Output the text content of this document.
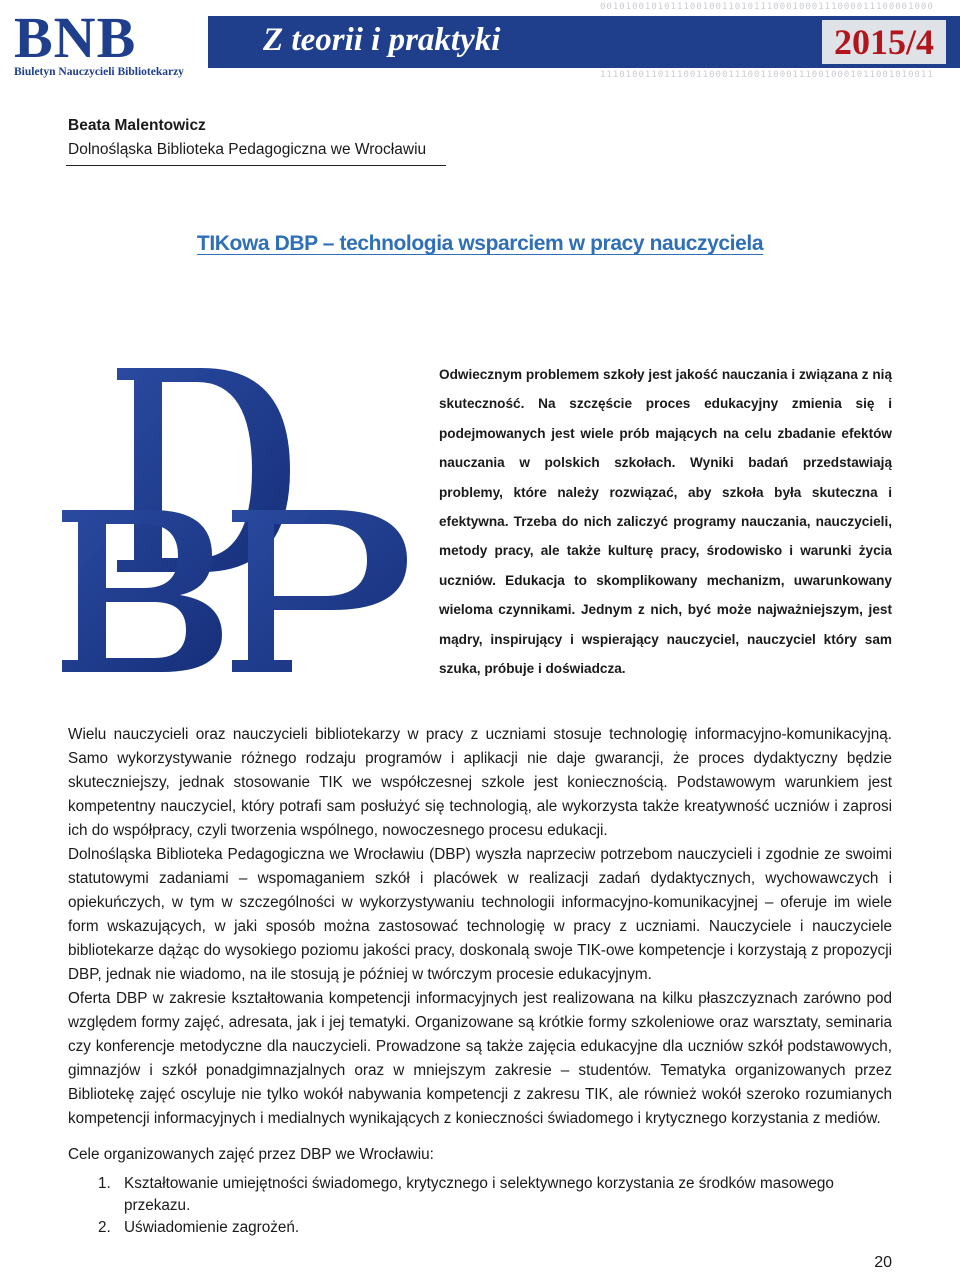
0010100101011100100110101110001000111000011100001000
1110100110111001100011100110001110010001011001010011
BNB
Biuletyn Nauczycieli Bibliotekarzy
Z teorii i praktyki	2015/4

Beata Malentowicz

Dolnośląska Biblioteka Pedagogiczna we Wrocławiu

TIKowa DBP – technologia wsparciem w pracy nauczyciela

Odwiecznym problemem szkoły jest jakość nauczania i związana z nią skuteczność. Na szczęście proces edukacyjny zmienia się i podejmowanych jest wiele prób mających na celu zbadanie efektów nauczania w polskich szkołach. Wyniki badań przedstawiają problemy, które należy rozwiązać, aby szkoła była skuteczna i efektywna. Trzeba do nich zaliczyć programy nauczania, nauczycieli, metody pracy, ale także kulturę pracy, środowisko i warunki życia uczniów. Edukacja to skomplikowany mechanizm, uwarunkowany wieloma czynnikami. Jednym z nich, być może najważniejszym, jest mądry, inspirujący i wspierający nauczyciel, nauczyciel który sam szuka, próbuje i doświadcza.

Wielu nauczycieli oraz nauczycieli bibliotekarzy w pracy z uczniami stosuje technologię informacyjno-komunikacyjną. Samo wykorzystywanie różnego rodzaju programów i aplikacji nie daje gwarancji, że proces dydaktyczny będzie skuteczniejszy, jednak stosowanie TIK we współczesnej szkole jest koniecznością. Podstawowym warunkiem jest kompetentny nauczyciel, który potrafi sam posłużyć się technologią, ale wykorzysta także kreatywność uczniów i zaprosi ich do współpracy, czyli tworzenia wspólnego, nowoczesnego procesu edukacji.

Dolnośląska Biblioteka Pedagogiczna we Wrocławiu (DBP) wyszła naprzeciw potrzebom nauczycieli i zgodnie ze swoimi statutowymi zadaniami – wspomaganiem szkół i placówek w realizacji zadań dydaktycznych, wychowawczych i opiekuńczych, w tym w szczególności w wykorzystywaniu technologii informacyjno-komunikacyjnej – oferuje im wiele form wskazujących, w jaki sposób można zastosować technologię w pracy z uczniami. Nauczyciele i nauczyciele bibliotekarze dążąc do wysokiego poziomu jakości pracy, doskonalą swoje TIK-owe kompetencje i korzystają z propozycji DBP, jednak nie wiadomo, na ile stosują je później w twórczym procesie edukacyjnym.

Oferta DBP w zakresie kształtowania kompetencji informacyjnych jest realizowana na kilku płaszczyznach zarówno pod względem formy zajęć, adresata, jak i jej tematyki. Organizowane są krótkie formy szkoleniowe oraz warsztaty, seminaria czy konferencje metodyczne dla nauczycieli. Prowadzone są także zajęcia edukacyjne dla uczniów szkół podstawowych, gimnazjów i szkół ponadgimnazjalnych oraz w mniejszym zakresie – studentów. Tematyka organizowanych przez Bibliotekę zajęć oscyluje nie tylko wokół nabywania kompetencji z zakresu TIK, ale również wokół szeroko rozumianych kompetencji informacyjnych i medialnych wynikających z konieczności świadomego i krytycznego korzystania z mediów.

Cele organizowanych zajęć przez DBP we Wrocławiu:

1. Kształtowanie umiejętności świadomego, krytycznego i selektywnego korzystania ze środków masowego przekazu.
2. Uświadomienie zagrożeń.
20
